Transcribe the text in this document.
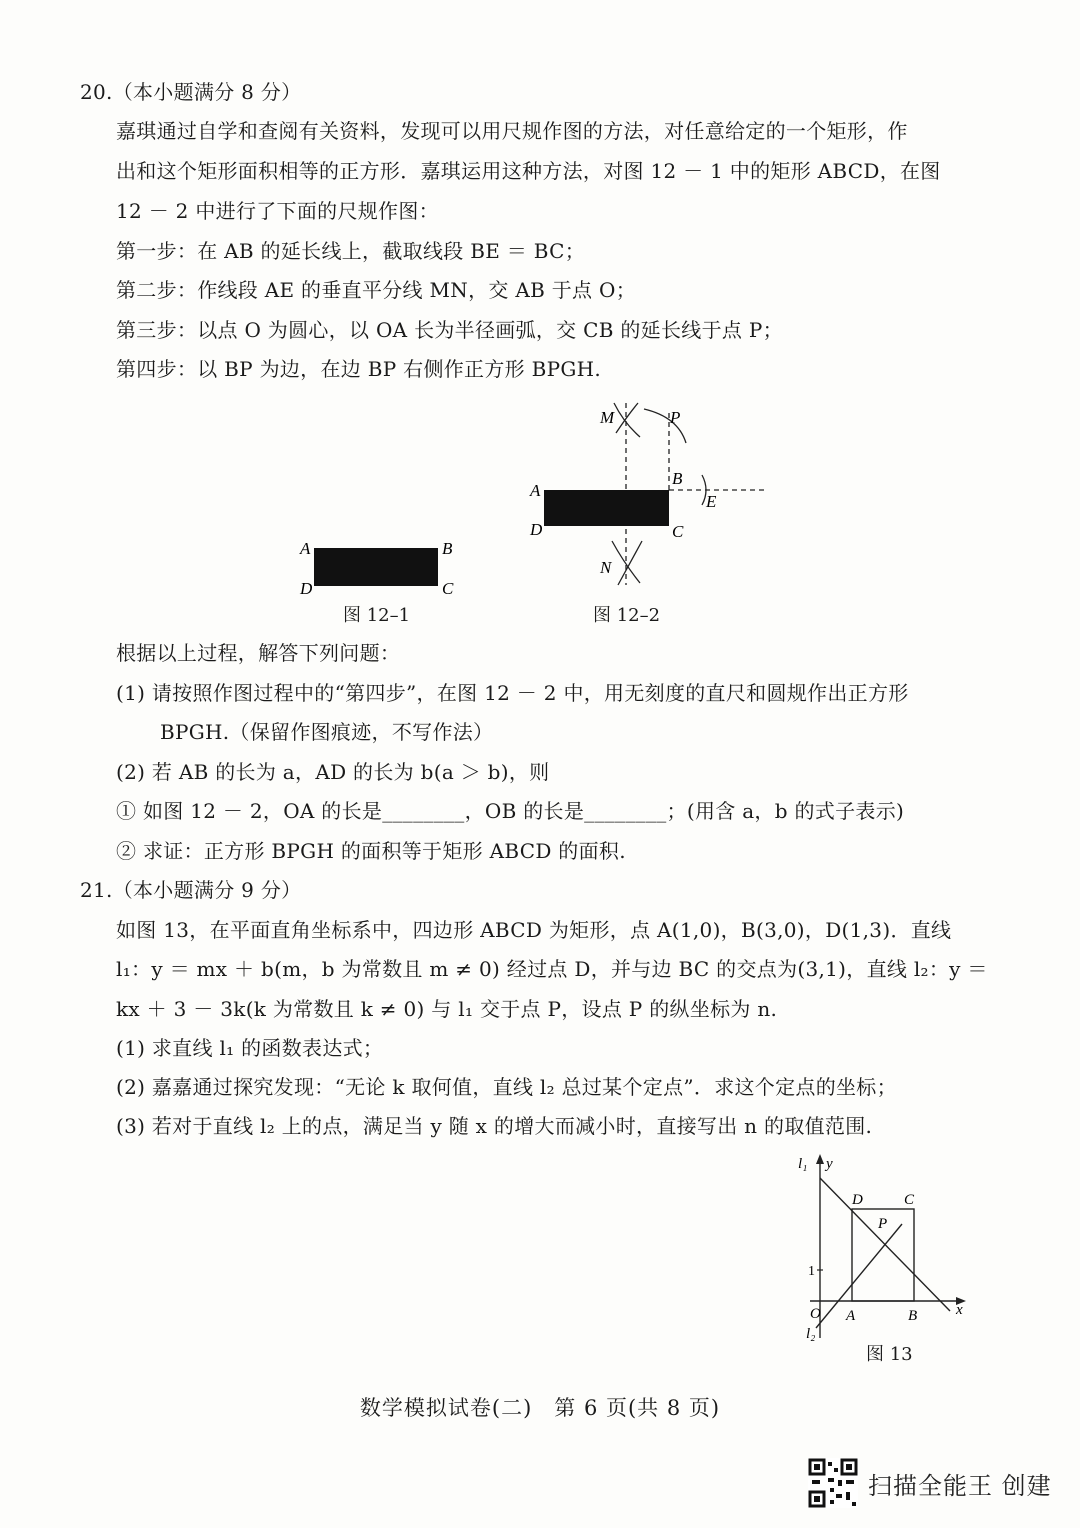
20.（本小题满分 8 分）
嘉琪通过自学和查阅有关资料，发现可以用尺规作图的方法，对任意给定的一个矩形，作
出和这个矩形面积相等的正方形．嘉琪运用这种方法，对图 12 － 1 中的矩形 ABCD，在图
12 － 2 中进行了下面的尺规作图：
第一步：在 AB 的延长线上，截取线段 BE ＝ BC；
第二步：作线段 AE 的垂直平分线 MN，交 AB 于点 O；
第三步：以点 O 为圆心，以 OA 长为半径画弧，交 CB 的延长线于点 P；
第四步：以 BP 为边，在边 BP 右侧作正方形 BPGH.
A	B
C
D
图 12–1
M	P
A
B
E
D	C
N
图 12–2
根据以上过程，解答下列问题：
(1) 请按照作图过程中的“第四步”，在图 12 － 2 中，用无刻度的直尺和圆规作出正方形
BPGH.（保留作图痕迹，不写作法）
(2) 若 AB 的长为 a，AD 的长为 b(a ＞ b)，则
① 如图 12 － 2，OA 的长是________，OB 的长是________；(用含 a，b 的式子表示)
② 求证：正方形 BPGH 的面积等于矩形 ABCD 的面积.
21.（本小题满分 9 分）
如图 13，在平面直角坐标系中，四边形 ABCD 为矩形，点 A(1,0)，B(3,0)，D(1,3)．直线
l₁：y ＝ mx ＋ b(m，b 为常数且 m ≠ 0) 经过点 D，并与边 BC 的交点为(3,1)，直线 l₂：y ＝
kx ＋ 3 － 3k(k 为常数且 k ≠ 0) 与 l₁ 交于点 P，设点 P 的纵坐标为 n.
(1) 求直线 l₁ 的函数表达式；
(2) 嘉嘉通过探究发现：“无论 k 取何值，直线 l₂ 总过某个定点”．求这个定点的坐标；
(3) 若对于直线 l₂ 上的点，满足当 y 随 x 的增大而减小时，直接写出 n 的取值范围.
l₁ y
D	C
P
1
O A	B	x
l₂
图 13
数学模拟试卷(二)　第 6 页(共 8 页)
扫描全能王 创建
